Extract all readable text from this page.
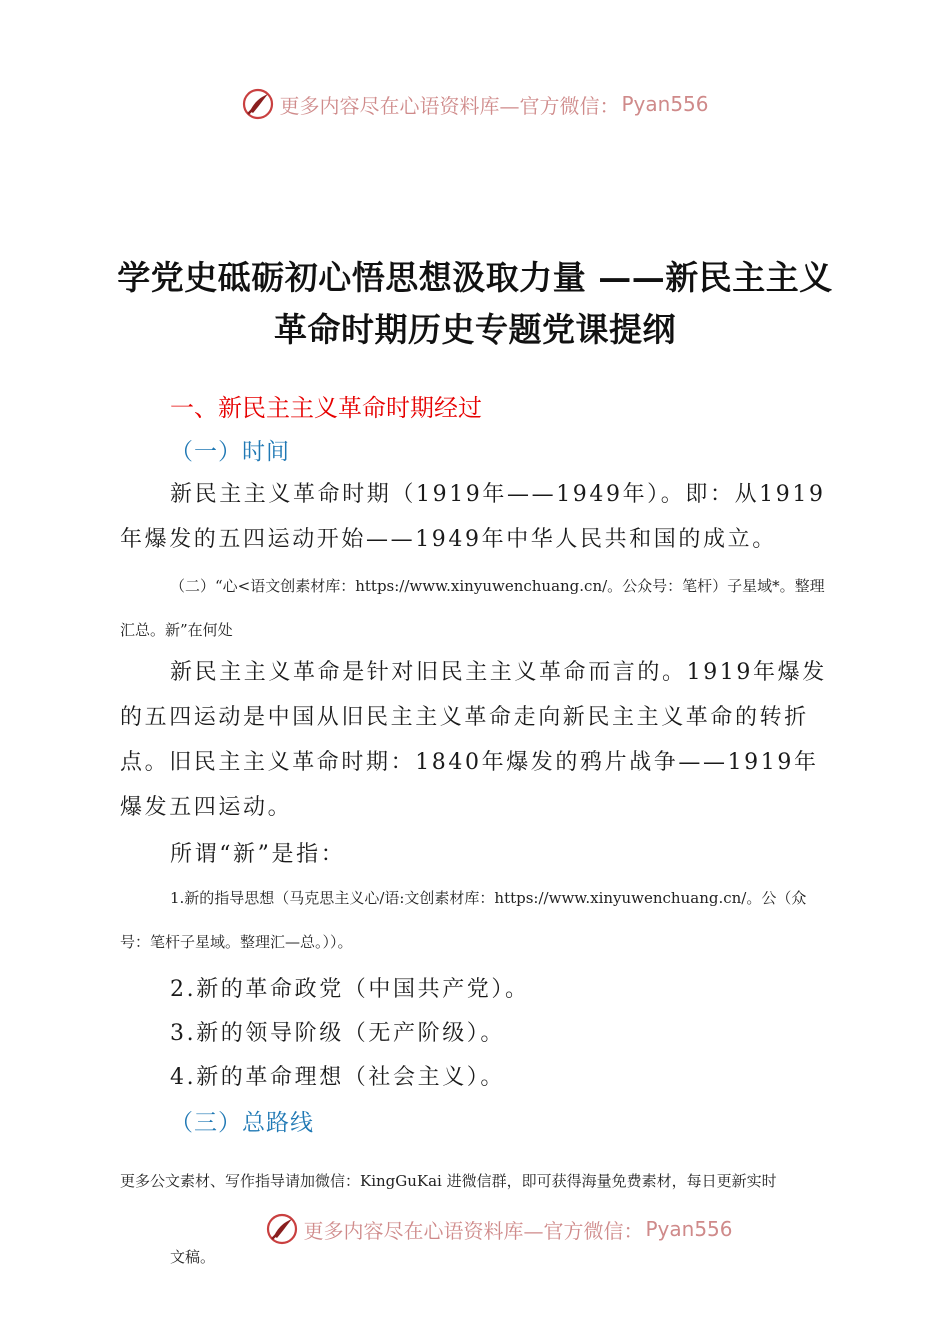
更多内容尽在心语资料库—官方微信： Pyan556
学党史砥砺初心悟思想汲取力量 ——新民主主义革命时期历史专题党课提纲
一、新民主主义革命时期经过
（一）时间

新民主主义革命时期（1919年——1949年）。即：从1919年爆发的五四运动开始——1949年中华人民共和国的成立。

（二）“心<语文创素材库：https://www.xinyuwenchuang.cn/。公众号：笔杆）子星域*。整理汇总。新”在何处

新民主主义革命是针对旧民主主义革命而言的。1919年爆发的五四运动是中国从旧民主主义革命走向新民主主义革命的转折点。旧民主主义革命时期：1840年爆发的鸦片战争——1919年爆发五四运动。

所谓“新”是指：

1.新的指导思想（马克思主义心/语:文创素材库：https://www.xinyuwenchuang.cn/。公（众号：笔杆子星域。整理汇—总。））。

2.新的革命政党（中国共产党）。
3.新的领导阶级（无产阶级）。
4.新的革命理想（社会主义）。
（三）总路线
更多公文素材、写作指导请加微信：KingGuKai 进微信群，即可获得海量免费素材，每日更新实时
更多内容尽在心语资料库—官方微信： Pyan556
文稿。
